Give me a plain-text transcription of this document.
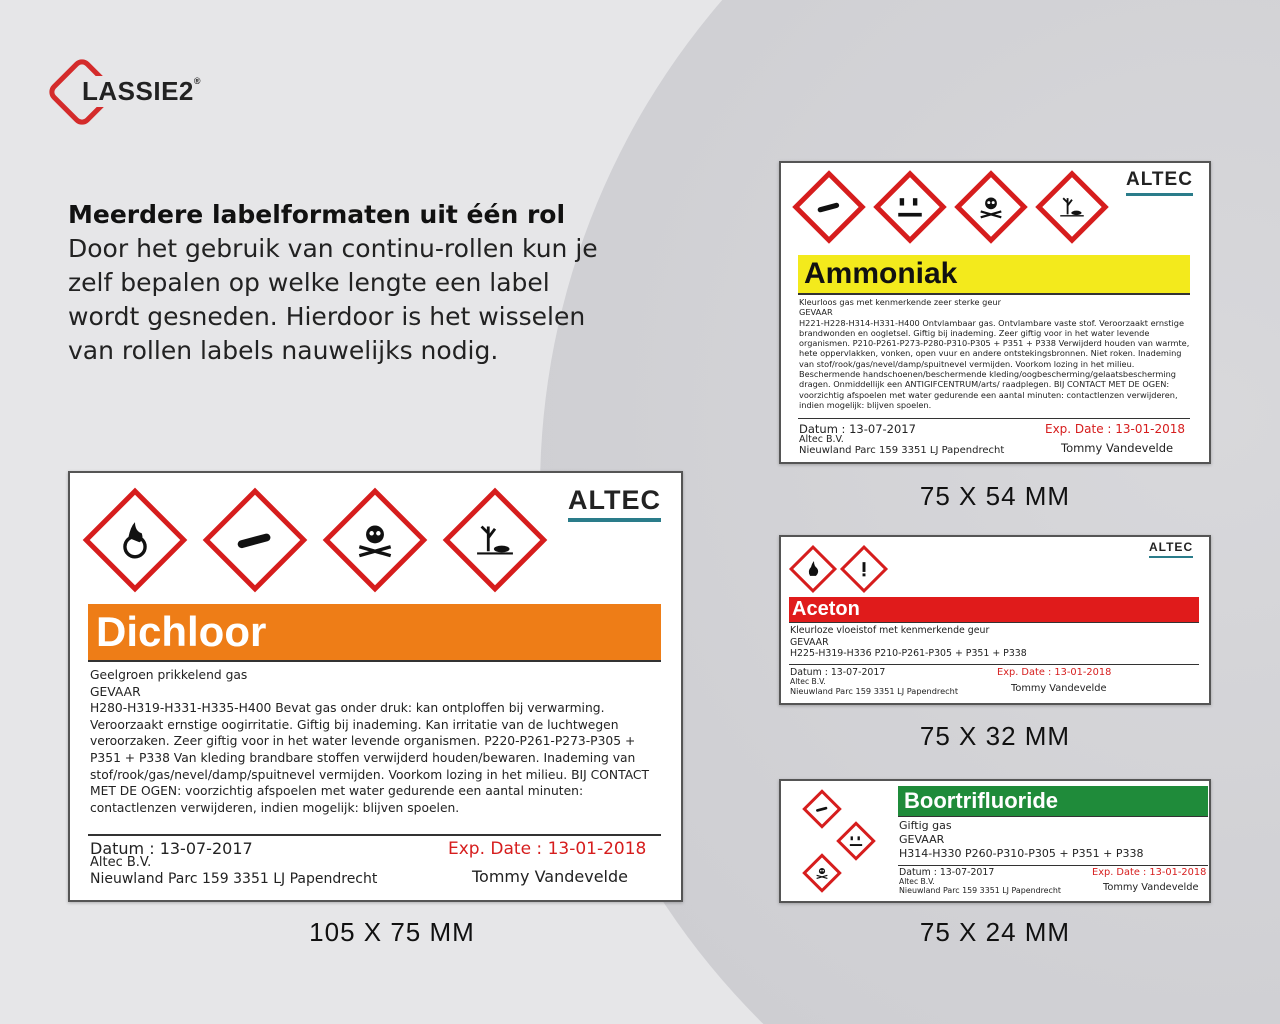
LASSIE2®
Meerdere labelformaten uit één rol

Door het gebruik van continu-rollen kun je zelf bepalen op welke lengte een label wordt gesneden. Hierdoor is het wisselen van rollen labels nauwelijks nodig.

ALTEC
Dichloor
Geelgroen prikkelend gas
GEVAAR
H280-H319-H331-H335-H400 Bevat gas onder druk: kan ontploffen bij verwarming. Veroorzaakt ernstige oogirritatie. Giftig bij inademing. Kan irritatie van de luchtwegen veroorzaken. Zeer giftig voor in het water levende organismen. P220-P261-P273-P305 + P351 + P338 Van kleding brandbare stoffen verwijderd houden/bewaren. Inademing van stof/rook/gas/nevel/damp/spuitnevel vermijden. Voorkom lozing in het milieu. BIJ CONTACT MET DE OGEN: voorzichtig afspoelen met water gedurende een aantal minuten: contactlenzen verwijderen, indien mogelijk: blijven spoelen.
Datum : 13-07-2017	Exp. Date : 13-01-2018
Altec B.V.
Nieuwland Parc 159 3351 LJ Papendrecht	Tommy Vandevelde
105 X 75 MM
ALTEC
Ammoniak
Kleurloos gas met kenmerkende zeer sterke geur
GEVAAR
H221-H228-H314-H331-H400 Ontvlambaar gas. Ontvlambare vaste stof. Veroorzaakt ernstige brandwonden en oogletsel. Giftig bij inademing. Zeer giftig voor in het water levende organismen. P210-P261-P273-P280-P310-P305 + P351 + P338 Verwijderd houden van warmte, hete oppervlakken, vonken, open vuur en andere ontstekingsbronnen. Niet roken. Inademing van stof/rook/gas/nevel/damp/spuitnevel vermijden. Voorkom lozing in het milieu. Beschermende handschoenen/beschermende kleding/oogbescherming/gelaatsbescherming dragen. Onmiddellijk een ANTIGIFCENTRUM/arts/ raadplegen. BIJ CONTACT MET DE OGEN: voorzichtig afspoelen met water gedurende een aantal minuten: contactlenzen verwijderen, indien mogelijk: blijven spoelen.
Datum : 13-07-2017	Exp. Date : 13-01-2018
Altec B.V.
Nieuwland Parc 159 3351 LJ Papendrecht	Tommy Vandevelde
75 X 54 MM
ALTEC
Aceton
Kleurloze vloeistof met kenmerkende geur
GEVAAR
H225-H319-H336 P210-P261-P305 + P351 + P338
Datum : 13-07-2017	Exp. Date : 13-01-2018
Altec B.V.
Nieuwland Parc 159 3351 LJ Papendrecht	Tommy Vandevelde
75 X 32 MM
Boortrifluoride
Giftig gas
GEVAAR
H314-H330 P260-P310-P305 + P351 + P338
Datum : 13-07-2017	Exp. Date : 13-01-2018
Altec B.V.
Nieuwland Parc 159 3351 LJ Papendrecht	Tommy Vandevelde
75 X 24 MM
